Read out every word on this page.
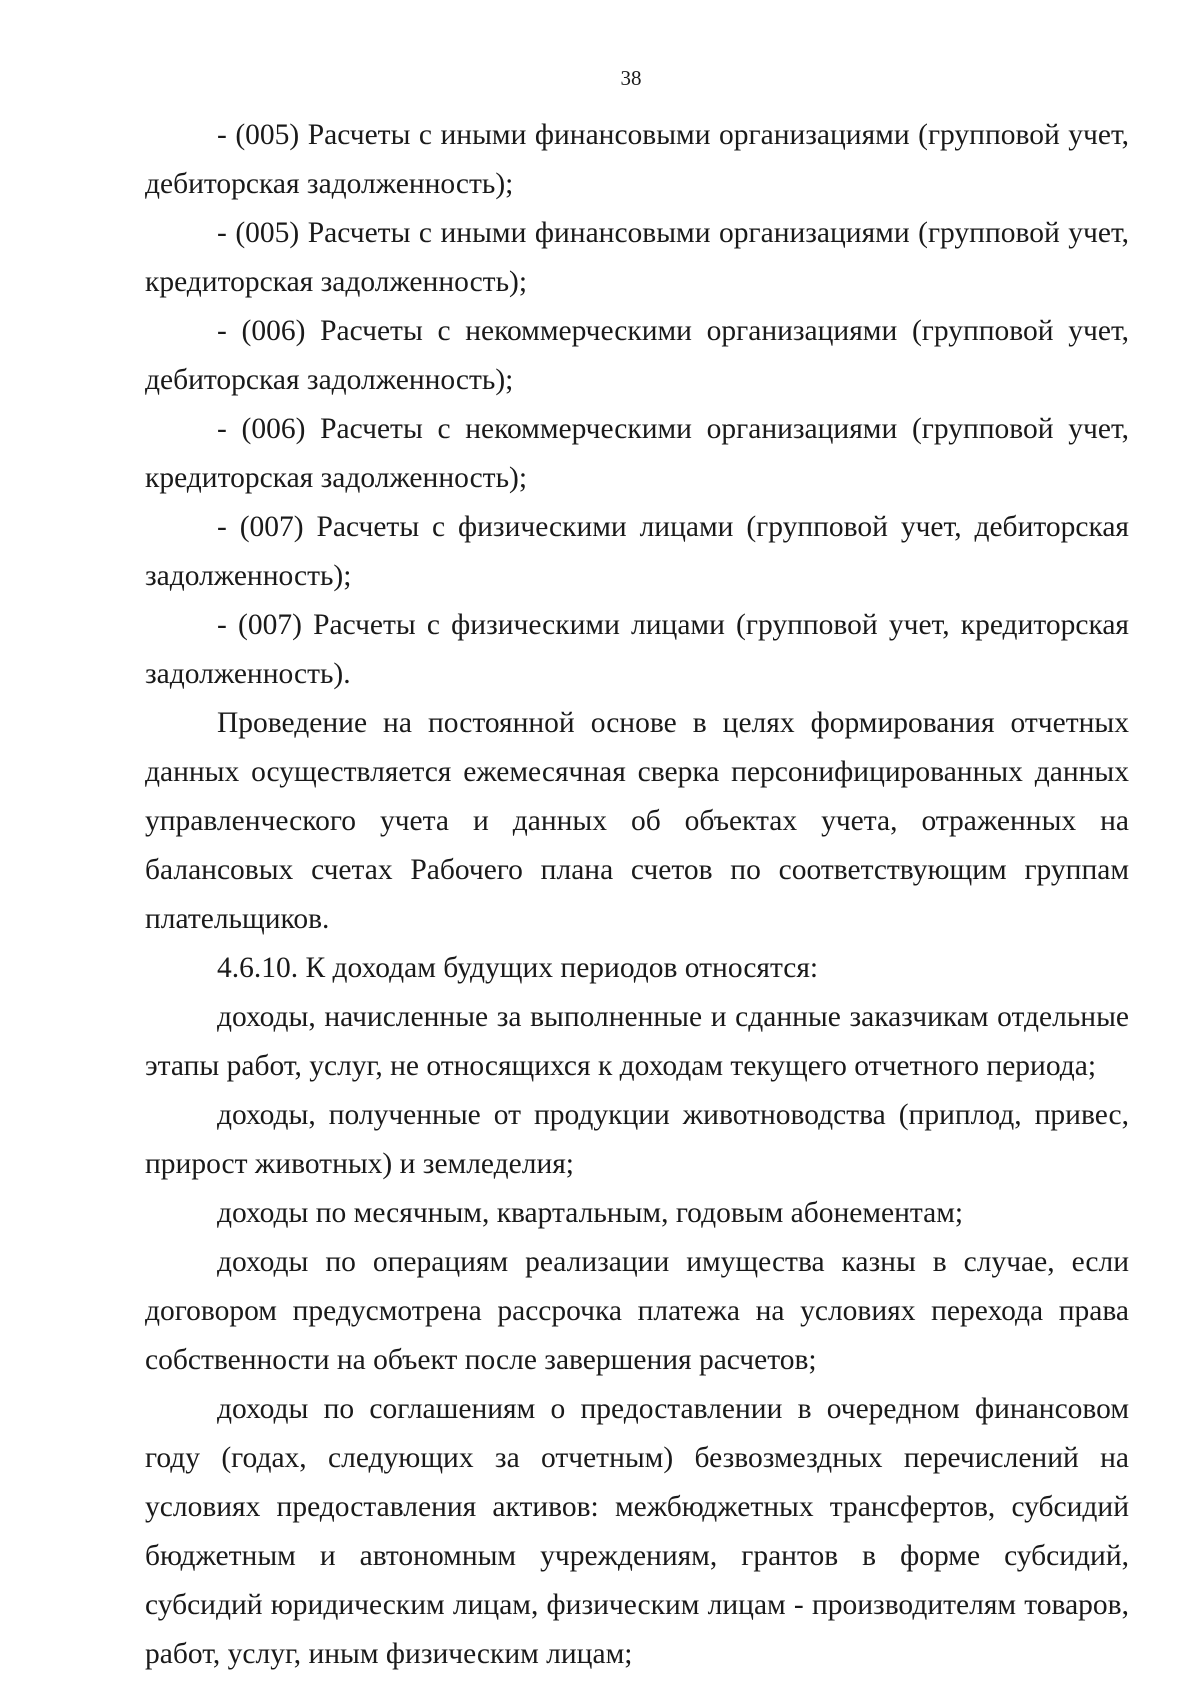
38

- (005) Расчеты с иными финансовыми организациями (групповой учет, дебиторская задолженность);

- (005) Расчеты с иными финансовыми организациями (групповой учет, кредиторская задолженность);

- (006) Расчеты с некоммерческими организациями (групповой учет, дебиторская задолженность);

- (006) Расчеты с некоммерческими организациями (групповой учет, кредиторская задолженность);

- (007) Расчеты с физическими лицами (групповой учет, дебиторская задолженность);

- (007) Расчеты с физическими лицами (групповой учет, кредиторская задолженность).

Проведение на постоянной основе в целях формирования отчетных данных осуществляется ежемесячная сверка персонифицированных данных управленческого учета и данных об объектах учета, отраженных на балансовых счетах Рабочего плана счетов по соответствующим группам плательщиков.

4.6.10. К доходам будущих периодов относятся:

доходы, начисленные за выполненные и сданные заказчикам отдельные этапы работ, услуг, не относящихся к доходам текущего отчетного периода;

доходы, полученные от продукции животноводства (приплод, привес, прирост животных) и земледелия;

доходы по месячным, квартальным, годовым абонементам;

доходы по операциям реализации имущества казны в случае, если договором предусмотрена рассрочка платежа на условиях перехода права собственности на объект после завершения расчетов;

доходы по соглашениям о предоставлении в очередном финансовом году (годах, следующих за отчетным) безвозмездных перечислений на условиях предоставления активов: межбюджетных трансфертов, субсидий бюджетным и автономным учреждениям, грантов в форме субсидий, субсидий юридическим лицам, физическим лицам - производителям товаров, работ, услуг, иным физическим лицам;
